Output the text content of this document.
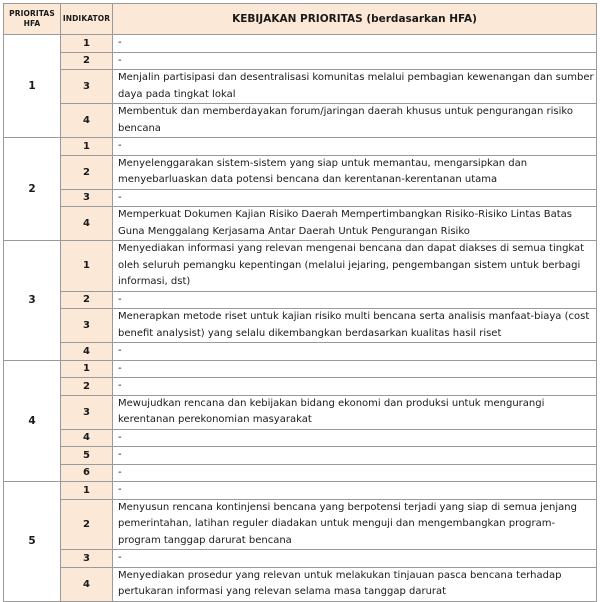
PRIORITAS HFA	INDIKATOR	KEBIJAKAN PRIORITAS (berdasarkan HFA)
1	1	-
	2	-
	3	Menjalin partisipasi dan desentralisasi komunitas melalui pembagian kewenangan dan sumber daya pada tingkat lokal
	4	Membentuk dan memberdayakan forum/jaringan daerah khusus untuk pengurangan risiko bencana
2	1	-
	2	Menyelenggarakan sistem-sistem yang siap untuk memantau, mengarsipkan dan menyebarluaskan data potensi bencana dan kerentanan-kerentanan utama
	3	-
	4	Memperkuat Dokumen Kajian Risiko Daerah Mempertimbangkan Risiko-Risiko Lintas Batas Guna Menggalang Kerjasama Antar Daerah Untuk Pengurangan Risiko
3	1	Menyediakan informasi yang relevan mengenai bencana dan dapat diakses di semua tingkat oleh seluruh pemangku kepentingan (melalui jejaring, pengembangan sistem untuk berbagi informasi, dst)
	2	-
	3	Menerapkan metode riset untuk kajian risiko multi bencana serta analisis manfaat-biaya (cost benefit analysist) yang selalu dikembangkan berdasarkan kualitas hasil riset
	4	-
4	1	-
	2	-
	3	Mewujudkan rencana dan kebijakan bidang ekonomi dan produksi untuk mengurangi kerentanan perekonomian masyarakat
	4	-
	5	-
	6	-
5	1	-
	2	Menyusun rencana kontinjensi bencana yang berpotensi terjadi yang siap di semua jenjang pemerintahan, latihan reguler diadakan untuk menguji dan mengembangkan program-program tanggap darurat bencana
	3	-
	4	Menyediakan prosedur yang relevan untuk melakukan tinjauan pasca bencana terhadap pertukaran informasi yang relevan selama masa tanggap darurat
